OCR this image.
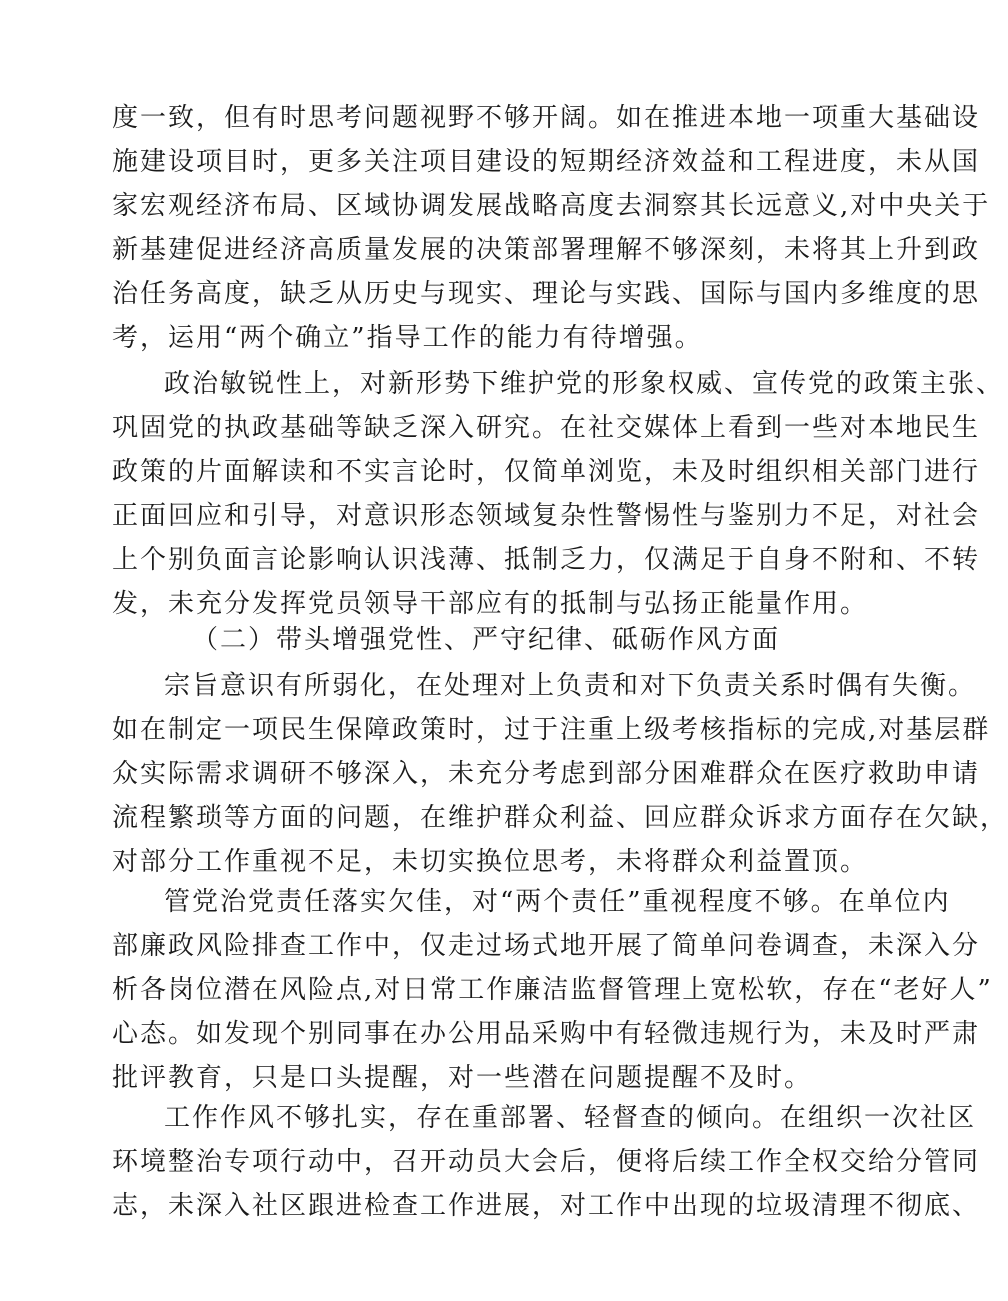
度一致，但有时思考问题视野不够开阔。如在推进本地一项重大基础设
施建设项目时，更多关注项目建设的短期经济效益和工程进度，未从国
家宏观经济布局、区域协调发展战略高度去洞察其长远意义,对中央关于
新基建促进经济高质量发展的决策部署理解不够深刻，未将其上升到政
治任务高度，缺乏从历史与现实、理论与实践、国际与国内多维度的思
考，运用“两个确立”指导工作的能力有待增强。
政治敏锐性上，对新形势下维护党的形象权威、宣传党的政策主张、
巩固党的执政基础等缺乏深入研究。在社交媒体上看到一些对本地民生
政策的片面解读和不实言论时，仅简单浏览，未及时组织相关部门进行
正面回应和引导，对意识形态领域复杂性警惕性与鉴别力不足，对社会
上个别负面言论影响认识浅薄、抵制乏力，仅满足于自身不附和、不转
发，未充分发挥党员领导干部应有的抵制与弘扬正能量作用。
（二）带头增强党性、严守纪律、砥砺作风方面
宗旨意识有所弱化，在处理对上负责和对下负责关系时偶有失衡。
如在制定一项民生保障政策时，过于注重上级考核指标的完成,对基层群
众实际需求调研不够深入，未充分考虑到部分困难群众在医疗救助申请
流程繁琐等方面的问题，在维护群众利益、回应群众诉求方面存在欠缺，
对部分工作重视不足，未切实换位思考，未将群众利益置顶。
管党治党责任落实欠佳，对“两个责任”重视程度不够。在单位内
部廉政风险排查工作中，仅走过场式地开展了简单问卷调查，未深入分
析各岗位潜在风险点,对日常工作廉洁监督管理上宽松软，存在“老好人”
心态。如发现个别同事在办公用品采购中有轻微违规行为，未及时严肃
批评教育，只是口头提醒，对一些潜在问题提醒不及时。
工作作风不够扎实，存在重部署、轻督查的倾向。在组织一次社区
环境整治专项行动中，召开动员大会后，便将后续工作全权交给分管同
志，未深入社区跟进检查工作进展，对工作中出现的垃圾清理不彻底、
